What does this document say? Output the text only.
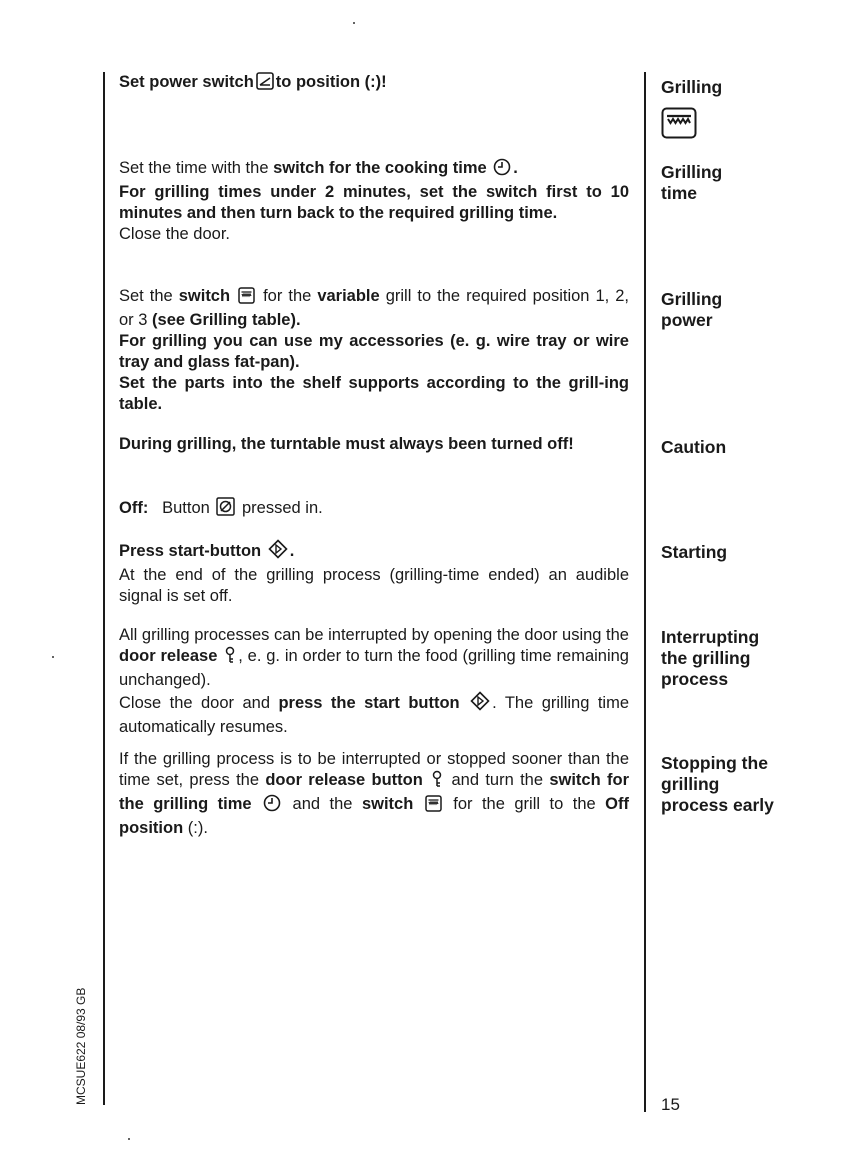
Set power switch to position (:)!

Set the time with the switch for the cooking time .

For grilling times under 2 minutes, set the switch first to 10 minutes and then turn back to the required grilling time.

Close the door.

Set the switch  for the variable grill to the required position 1, 2, or 3 (see Grilling table).

For grilling you can use my accessories (e. g. wire tray or wire tray and glass fat-pan).

Set the parts into the shelf supports according to the grill-ing table.

During grilling, the turntable must always been turned off!

Off: Button pressed in.

Press start-button .

At the end of the grilling process (grilling-time ended) an audible signal is set off.

All grilling processes can be interrupted by opening the door using the door release , e. g. in order to turn the food (grilling time remaining unchanged).

Close the door and press the start button . The grilling time automatically resumes.

If the grilling process is to be interrupted or stopped sooner than the time set, press the door release button  and turn the switch for the grilling time  and the switch  for the grill to the Off position (:).

Grilling
Grilling time
Grilling power
Caution
Starting
Interrupting the grilling process
Stopping the grilling process early
MCSUE622 08/93 GB	15
